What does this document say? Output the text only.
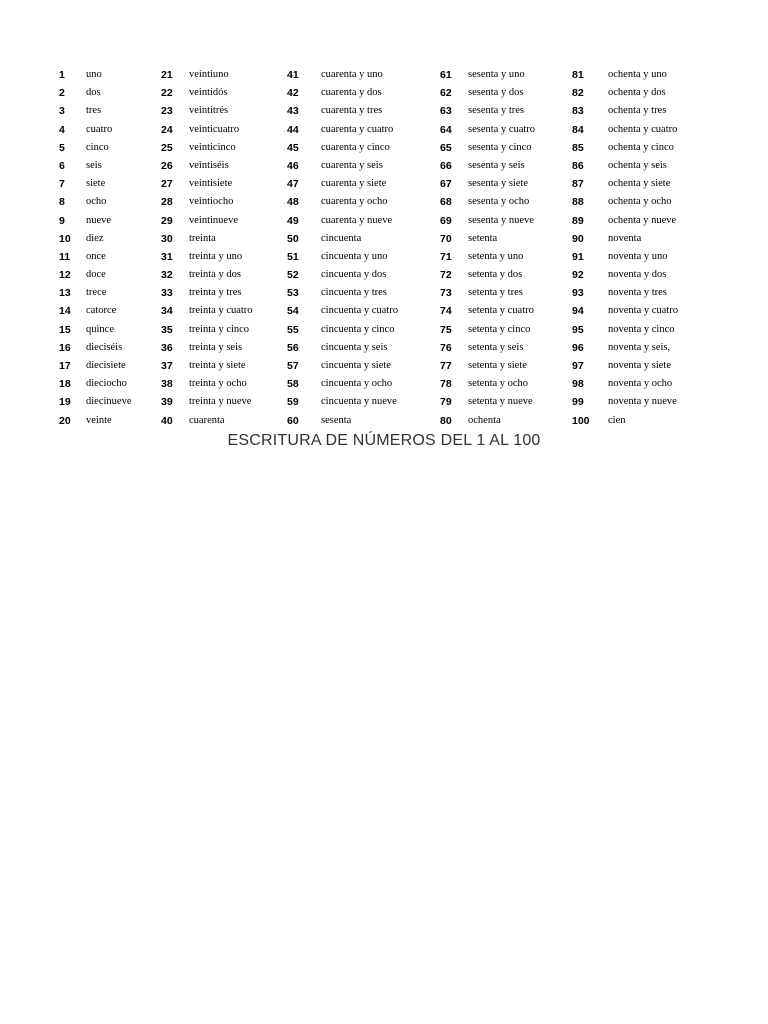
1 uno
2 dos
3 tres
4 cuatro
5 cinco
6 seis
7 siete
8 ocho
9 nueve
10 diez
11 once
12 doce
13 trece
14 catorce
15 quince
16 dieciséis
17 diecisiete
18 dieciocho
19 diecinueve
20 veinte
21 veintiuno
22 veintidós
23 veintitrés
24 veinticuatro
25 veinticinco
26 veintiséis
27 veintisiete
28 veintiocho
29 veintinueve
30 treinta
31 treinta y uno
32 treinta y dos
33 treinta y tres
34 treinta y cuatro
35 treinta y cinco
36 treinta y seis
37 treinta y siete
38 treinta y ocho
39 treinta y nueve
40 cuarenta
41 cuarenta y uno
42 cuarenta y dos
43 cuarenta y tres
44 cuarenta y cuatro
45 cuarenta y cinco
46 cuarenta y seis
47 cuarenta y siete
48 cuarenta y ocho
49 cuarenta y nueve
50 cincuenta
51 cincuenta y uno
52 cincuenta y dos
53 cincuenta y tres
54 cincuenta y cuatro
55 cincuenta y cinco
56 cincuenta y seis
57 cincuenta y siete
58 cincuenta y ocho
59 cincuenta y nueve
60 sesenta
61 sesenta y uno
62 sesenta y dos
63 sesenta y tres
64 sesenta y cuatro
65 sesenta y cinco
66 sesenta y seis
67 sesenta y siete
68 sesenta y ocho
69 sesenta y nueve
70 setenta
71 setenta y uno
72 setenta y dos
73 setenta y tres
74 setenta y cuatro
75 setenta y cinco
76 setenta y seis
77 setenta y siete
78 setenta y ocho
79 setenta y nueve
80 ochenta
81 ochenta y uno
82 ochenta y dos
83 ochenta y tres
84 ochenta y cuatro
85 ochenta y cinco
86 ochenta y seis
87 ochenta y siete
88 ochenta y ocho
89 ochenta y nueve
90 noventa
91 noventa y uno
92 noventa y dos
93 noventa y tres
94 noventa y cuatro
95 noventa y cinco
96 noventa y seis,
97 noventa y siete
98 noventa y ocho
99 noventa y nueve
100 cien
ESCRITURA DE NÚMEROS DEL 1 AL 100
